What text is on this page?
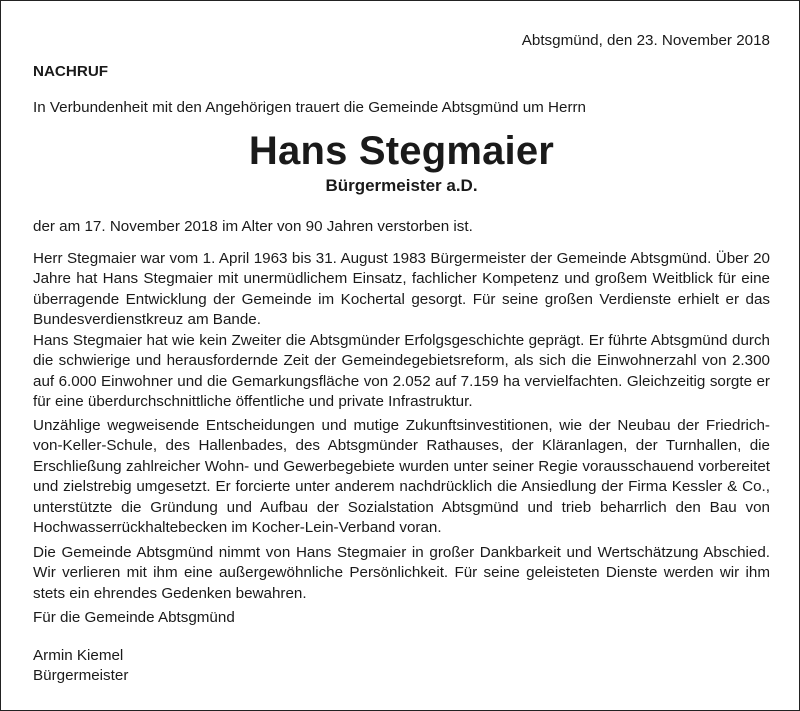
Abtsgmünd, den 23. November 2018
NACHRUF
In Verbundenheit mit den Angehörigen trauert die Gemeinde Abtsgmünd um Herrn
Hans Stegmaier
Bürgermeister a.D.
der am 17. November 2018 im Alter von 90 Jahren verstorben ist.
Herr Stegmaier war vom 1. April 1963 bis 31. August 1983 Bürgermeister der Gemeinde Abtsgmünd. Über 20 Jahre hat Hans Stegmaier mit unermüdlichem Einsatz, fachlicher Kompetenz und großem Weitblick für eine überragende Entwicklung der Gemeinde im Kochertal gesorgt. Für seine großen Verdienste erhielt er das Bundesverdienstkreuz am Bande.
Hans Stegmaier hat wie kein Zweiter die Abtsgmünder Erfolgsgeschichte geprägt. Er führte Abtsgmünd durch die schwierige und herausfordernde Zeit der Gemeindegebietsreform, als sich die Einwohnerzahl von 2.300 auf 6.000 Einwohner und die Gemarkungsfläche von 2.052 auf 7.159 ha vervielfachten. Gleichzeitig sorgte er für eine überdurchschnittliche öffentliche und private Infrastruktur.
Unzählige wegweisende Entscheidungen und mutige Zukunftsinvestitionen, wie der Neubau der Friedrich-von-Keller-Schule, des Hallenbades, des Abtsgmünder Rathauses, der Kläranlagen, der Turnhallen, die Erschließung zahlreicher Wohn- und Gewerbegebiete wurden unter seiner Regie vorausschauend vorbereitet und zielstrebig umgesetzt. Er forcierte unter anderem nachdrücklich die Ansiedlung der Firma Kessler & Co., unterstützte die Gründung und Aufbau der Sozialstation Abtsgmünd und trieb beharrlich den Bau von Hochwasserrückhaltebecken im Kocher-Lein-Verband voran.
Die Gemeinde Abtsgmünd nimmt von Hans Stegmaier in großer Dankbarkeit und Wertschätzung Abschied. Wir verlieren mit ihm eine außergewöhnliche Persönlichkeit. Für seine geleisteten Dienste werden wir ihm stets ein ehrendes Gedenken bewahren.
Für die Gemeinde Abtsgmünd
Armin Kiemel
Bürgermeister
